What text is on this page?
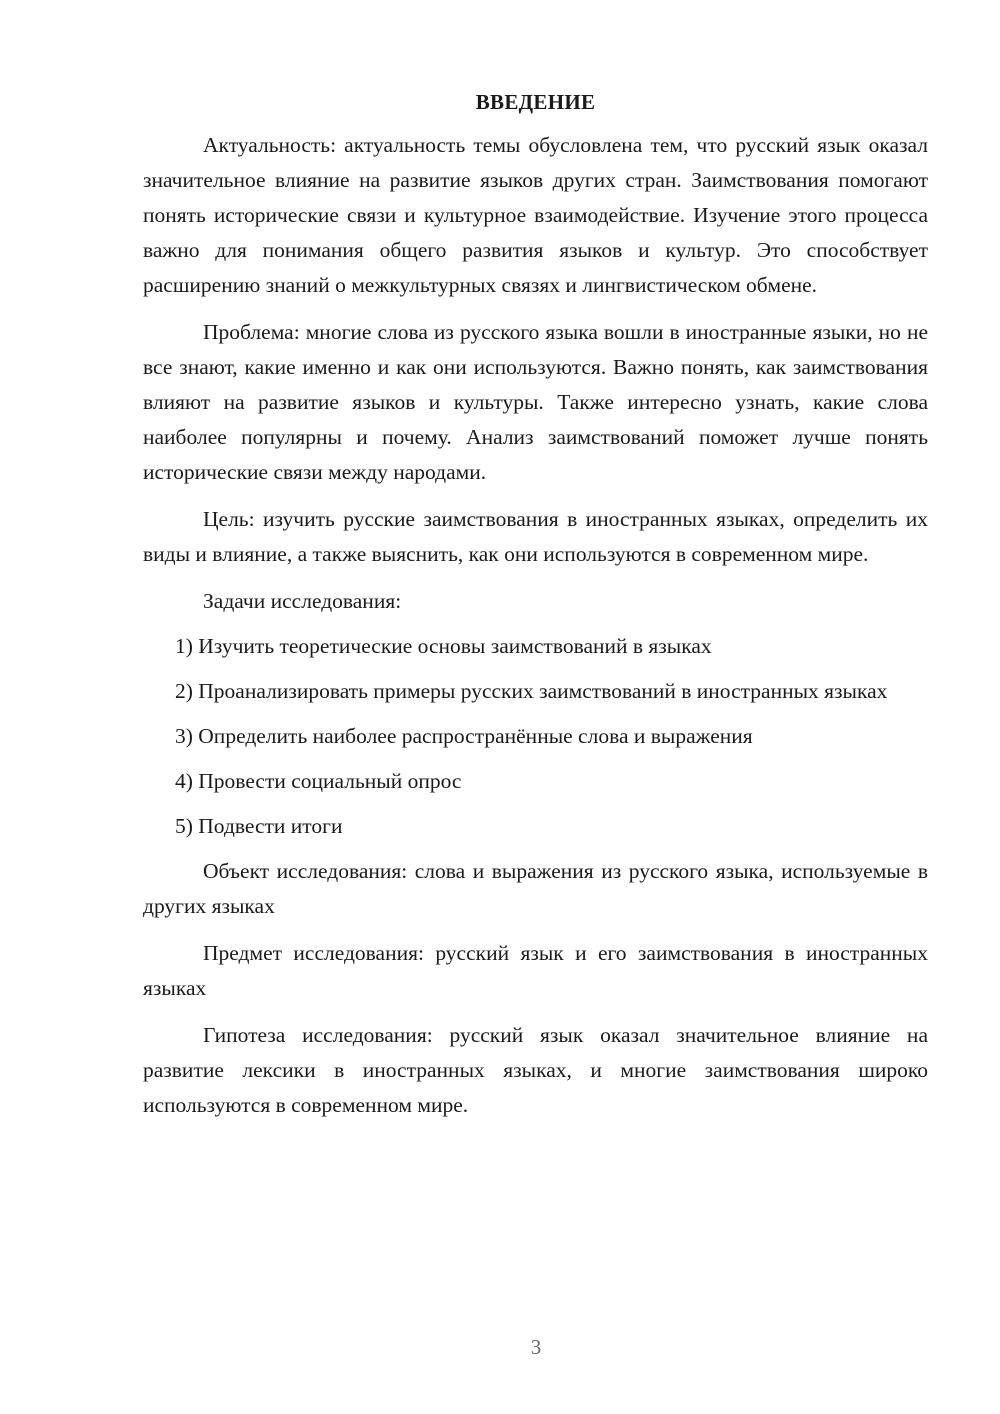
ВВЕДЕНИЕ

Актуальность: актуальность темы обусловлена тем, что русский язык оказал значительное влияние на развитие языков других стран. Заимствования помогают понять исторические связи и культурное взаимодействие. Изучение этого процесса важно для понимания общего развития языков и культур. Это способствует расширению знаний о межкультурных связях и лингвистическом обмене.

Проблема: многие слова из русского языка вошли в иностранные языки, но не все знают, какие именно и как они используются. Важно понять, как заимствования влияют на развитие языков и культуры. Также интересно узнать, какие слова наиболее популярны и почему. Анализ заимствований поможет лучше понять исторические связи между народами.

Цель: изучить русские заимствования в иностранных языках, определить их виды и влияние, а также выяснить, как они используются в современном мире.

Задачи исследования:

1) Изучить теоретические основы заимствований в языках

2) Проанализировать примеры русских заимствований в иностранных языках

3) Определить наиболее распространённые слова и выражения

4) Провести социальный опрос

5) Подвести итоги

Объект исследования: слова и выражения из русского языка, используемые в других языках

Предмет исследования: русский язык и его заимствования в иностранных языках

Гипотеза исследования: русский язык оказал значительное влияние на развитие лексики в иностранных языках, и многие заимствования широко используются в современном мире.

3
